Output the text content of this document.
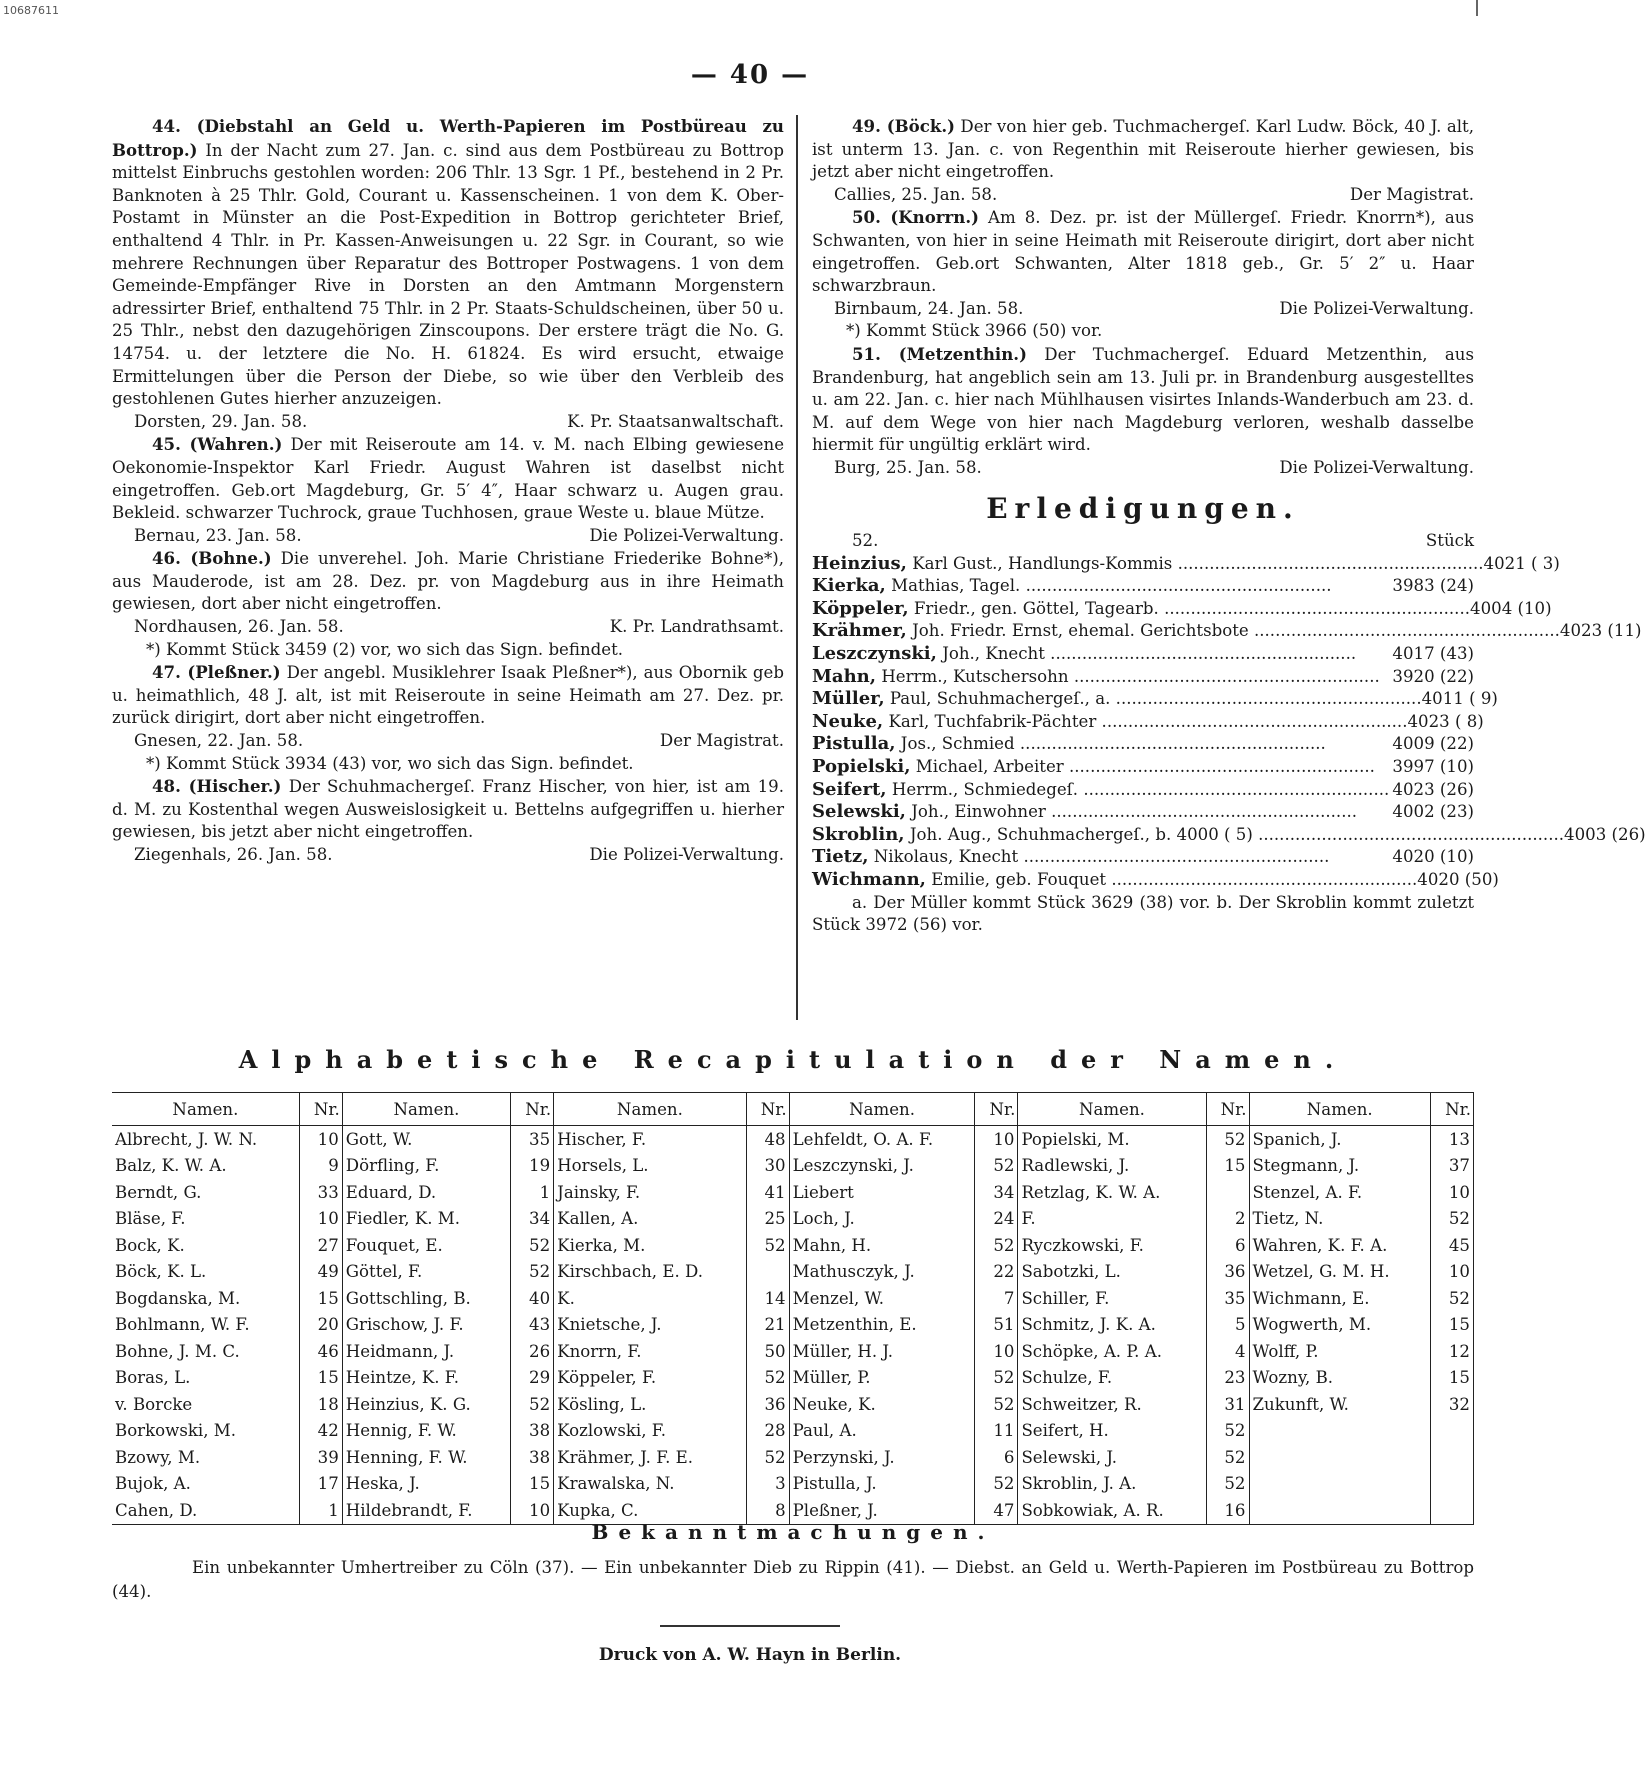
10687611
— 40 —

44. (Diebstahl an Geld u. Werth-Papieren im Postbüreau zu Bottrop.) In der Nacht zum 27. Jan. c. sind aus dem Postbüreau zu Bottrop mittelst Einbruchs gestohlen worden: 206 Thlr. 13 Sgr. 1 Pf., bestehend in 2 Pr. Banknoten à 25 Thlr. Gold, Courant u. Kassenscheinen. 1 von dem K. Ober-Postamt in Münster an die Post-Expedition in Bottrop gerichteter Brief, enthaltend 4 Thlr. in Pr. Kassen-Anweisungen u. 22 Sgr. in Courant, so wie mehrere Rechnungen über Reparatur des Bottroper Postwagens. 1 von dem Gemeinde-Empfänger Rive in Dorsten an den Amtmann Morgenstern adressirter Brief, enthaltend 75 Thlr. in 2 Pr. Staats-Schuldscheinen, über 50 u. 25 Thlr., nebst den dazugehörigen Zinscoupons. Der erstere trägt die No. G. 14754. u. der letztere die No. H. 61824. Es wird ersucht, etwaige Ermittelungen über die Person der Diebe, so wie über den Verbleib des gestohlenen Gutes hierher anzuzeigen.

Dorsten, 29. Jan. 58.	K. Pr. Staatsanwaltschaft.

45. (Wahren.) Der mit Reiseroute am 14. v. M. nach Elbing gewiesene Oekonomie-Inspektor Karl Friedr. August Wahren ist daselbst nicht eingetroffen. Geb.ort Magdeburg, Gr. 5′ 4″, Haar schwarz u. Augen grau. Bekleid. schwarzer Tuchrock, graue Tuchhosen, graue Weste u. blaue Mütze.

Bernau, 23. Jan. 58.	Die Polizei-Verwaltung.

46. (Bohne.) Die unverehel. Joh. Marie Christiane Friederike Bohne*), aus Mauderode, ist am 28. Dez. pr. von Magdeburg aus in ihre Heimath gewiesen, dort aber nicht eingetroffen.

Nordhausen, 26. Jan. 58.	K. Pr. Landrathsamt.

*) Kommt Stück 3459 (2) vor, wo sich das Sign. befindet.

47. (Pleßner.) Der angebl. Musiklehrer Isaak Pleßner*), aus Obornik geb u. heimathlich, 48 J. alt, ist mit Reiseroute in seine Heimath am 27. Dez. pr. zurück dirigirt, dort aber nicht eingetroffen.

Gnesen, 22. Jan. 58.	Der Magistrat.

*) Kommt Stück 3934 (43) vor, wo sich das Sign. befindet.

48. (Hischer.) Der Schuhmachergeſ. Franz Hischer, von hier, ist am 19. d. M. zu Kostenthal wegen Ausweislosigkeit u. Bettelns aufgegriffen u. hierher gewiesen, bis jetzt aber nicht eingetroffen.

Ziegenhals, 26. Jan. 58.	Die Polizei-Verwaltung.

49. (Böck.) Der von hier geb. Tuchmachergeſ. Karl Ludw. Böck, 40 J. alt, ist unterm 13. Jan. c. von Regenthin mit Reiseroute hierher gewiesen, bis jetzt aber nicht eingetroffen.

Callies, 25. Jan. 58.	Der Magistrat.

50. (Knorrn.) Am 8. Dez. pr. ist der Müllergeſ. Friedr. Knorrn*), aus Schwanten, von hier in seine Heimath mit Reiseroute dirigirt, dort aber nicht eingetroffen. Geb.ort Schwanten, Alter 1818 geb., Gr. 5′ 2″ u. Haar schwarzbraun.

Birnbaum, 24. Jan. 58.	Die Polizei-Verwaltung.

*) Kommt Stück 3966 (50) vor.

51. (Metzenthin.) Der Tuchmachergeſ. Eduard Metzenthin, aus Brandenburg, hat angeblich sein am 13. Juli pr. in Brandenburg ausgestelltes u. am 22. Jan. c. hier nach Mühlhausen visirtes Inlands-Wanderbuch am 23. d. M. auf dem Wege von hier nach Magdeburg verloren, weshalb dasselbe hiermit für ungültig erklärt wird.

Burg, 25. Jan. 58.	Die Polizei-Verwaltung.
Erledigungen.
52.	Stück
Heinzius, Karl Gust., Handlungs-Kommis .......................................................... 4021 ( 3)
Kierka, Mathias, Tagel. ..........................................................	3983 (24)
Köppeler, Friedr., gen. Göttel, Tagearb. .......................................................... 4004 (10)
Krähmer, Joh. Friedr. Ernst, ehemal. Gerichtsbote .......................................................... 4023 (11)
Leszczynski, Joh., Knecht ..........................................................	4017 (43)
Mahn, Herrm., Kutschersohn .......................................................... 3920 (22)
Müller, Paul, Schuhmachergeſ., a. .......................................................... 4011 ( 9)
Neuke, Karl, Tuchfabrik-Pächter .......................................................... 4023 ( 8)
Pistulla, Jos., Schmied ..........................................................	4009 (22)
Popielski, Michael, Arbeiter ..........................................................	3997 (10)
Seifert, Herrm., Schmiedegeſ. .......................................................... 4023 (26)
Selewski, Joh., Einwohner ..........................................................	4002 (23)
Skroblin, Joh. Aug., Schuhmachergeſ., b. 4000 ( 5) .......................................................... 4003 (26)
Tietz, Nikolaus, Knecht ..........................................................	4020 (10)
Wichmann, Emilie, geb. Fouquet .......................................................... 4020 (50)

a. Der Müller kommt Stück 3629 (38) vor. b. Der Skroblin kommt zuletzt Stück 3972 (56) vor.

Alphabetische Recapitulation der Namen.
Namen.	Nr.	Namen.	Nr.	Namen.	Nr.	Namen.	Nr.	Namen.	Nr.	Namen.	Nr.
Albrecht, J. W. N.	10	Gott, W.	35	Hischer, F.	48	Lehfeldt, O. A. F.	10	Popielski, M.	52	Spanich, J.	13
Balz, K. W. A.	9	Dörfling, F.	19	Horsels, L.	30	Leszczynski, J.	52	Radlewski, J.	15	Stegmann, J.	37
Berndt, G.	33	Eduard, D.	1	Jainsky, F.	41	Liebert	34	Retzlag, K. W. A.		Stenzel, A. F.	10
Bläse, F.	10	Fiedler, K. M.	34	Kallen, A.	25	Loch, J.	24	F.	2	Tietz, N.	52
Bock, K.	27	Fouquet, E.	52	Kierka, M.	52	Mahn, H.	52	Ryczkowski, F.	6	Wahren, K. F. A.	45
Böck, K. L.	49	Göttel, F.	52	Kirschbach, E. D.		Mathusczyk, J.	22	Sabotzki, L.	36	Wetzel, G. M. H.	10
Bogdanska, M.	15	Gottschling, B.	40	K.	14	Menzel, W.	7	Schiller, F.	35	Wichmann, E.	52
Bohlmann, W. F.	20	Grischow, J. F.	43	Knietsche, J.	21	Metzenthin, E.	51	Schmitz, J. K. A.	5	Wogwerth, M.	15
Bohne, J. M. C.	46	Heidmann, J.	26	Knorrn, F.	50	Müller, H. J.	10	Schöpke, A. P. A.	4	Wolff, P.	12
Boras, L.	15	Heintze, K. F.	29	Köppeler, F.	52	Müller, P.	52	Schulze, F.	23	Wozny, B.	15
v. Borcke	18	Heinzius, K. G.	52	Kösling, L.	36	Neuke, K.	52	Schweitzer, R.	31	Zukunft, W.	32
Borkowski, M.	42	Hennig, F. W.	38	Kozlowski, F.	28	Paul, A.	11	Seifert, H.	52		
Bzowy, M.	39	Henning, F. W.	38	Krähmer, J. F. E.	52	Perzynski, J.	6	Selewski, J.	52		
Bujok, A.	17	Heska, J.	15	Krawalska, N.	3	Pistulla, J.	52	Skroblin, J. A.	52		
Cahen, D.	1	Hildebrandt, F.	10	Kupka, C.	8	Pleßner, J.	47	Sobkowiak, A. R.	16		
Bekanntmachungen.
Ein unbekannter Umhertreiber zu Cöln (37). — Ein unbekannter Dieb zu Rippin (41). — Diebst. an Geld u. Werth-Papieren im Postbüreau zu Bottrop (44).
Druck von A. W. Hayn in Berlin.
